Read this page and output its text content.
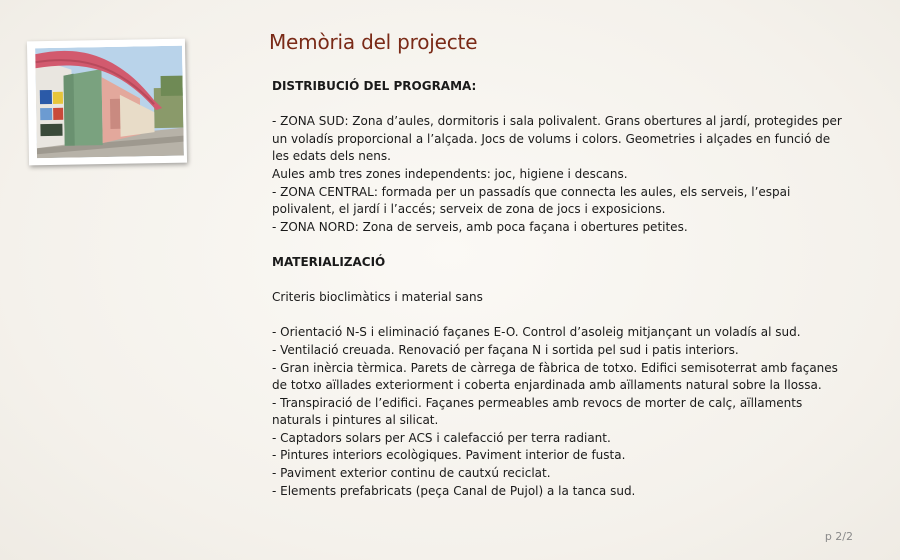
Memòria del projecte

DISTRIBUCIÓ DEL PROGRAMA:

- ZONA SUD: Zona d’aules, dormitoris i sala polivalent. Grans obertures al jardí, protegides per un voladís proporcional a l’alçada. Jocs de volums i colors. Geometries i alçades en funció de les edats dels nens.

Aules amb tres zones independents: joc, higiene i descans.

- ZONA CENTRAL: formada per un passadís que connecta les aules, els serveis, l’espai polivalent, el jardí i l’accés; serveix de zona de jocs i exposicions.

- ZONA NORD: Zona de serveis, amb poca façana i obertures petites.

MATERIALIZACIÓ

Criteris bioclimàtics i material sans

- Orientació N-S i eliminació façanes E-O. Control d’asoleig mitjançant un voladís al sud.

- Ventilació creuada. Renovació per façana N i sortida pel sud i patis interiors.

- Gran inèrcia tèrmica. Parets de càrrega de fàbrica de totxo. Edifici semisoterrat amb façanes de totxo aïllades exteriorment i coberta enjardinada amb aïllaments natural sobre la llossa.

- Transpiració de l’edifici. Façanes permeables amb revocs de morter de calç, aïllaments naturals i pintures al silicat.

- Captadors solars per ACS i calefacció per terra radiant.

- Pintures interiors ecològiques. Paviment interior de fusta.

- Paviment exterior continu de cautxú reciclat.

- Elements prefabricats (peça Canal de Pujol) a la tanca sud.

p 2/2
